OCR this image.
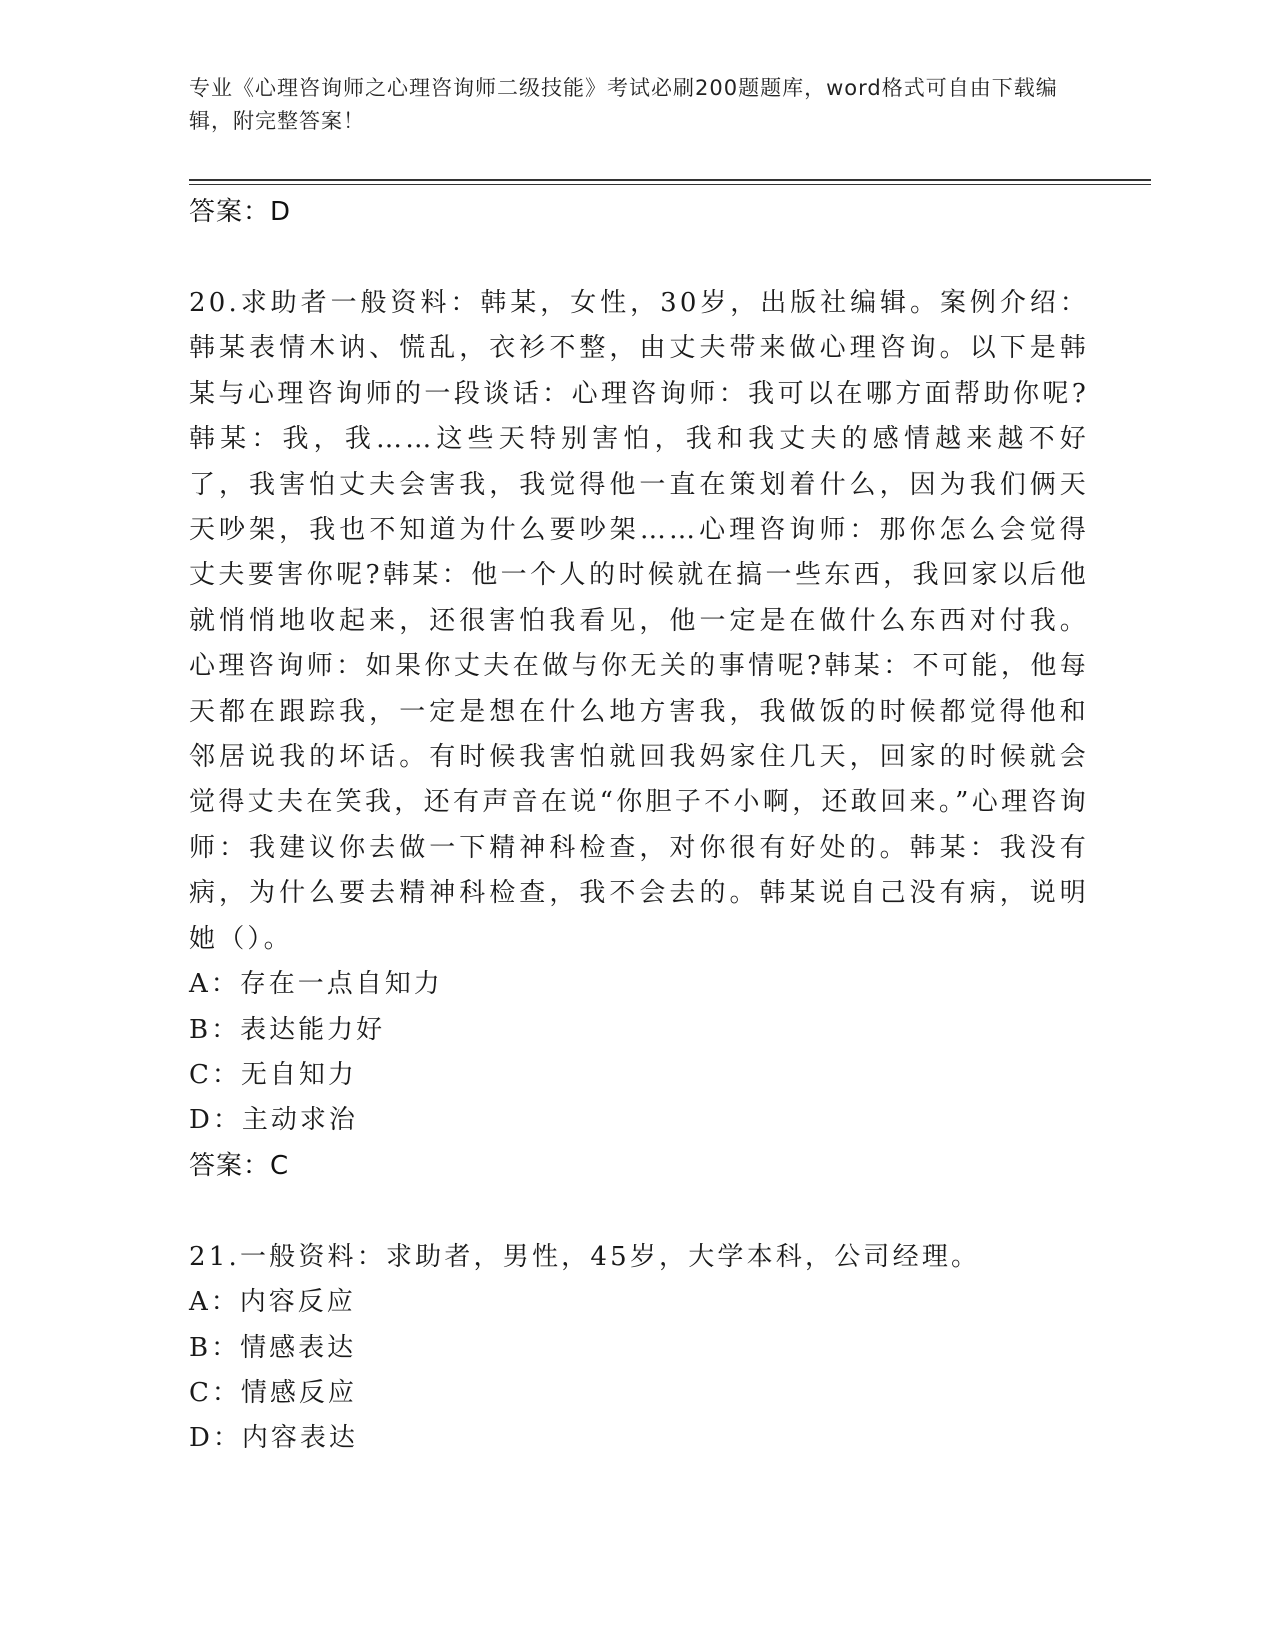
专业《心理咨询师之心理咨询师二级技能》考试必刷200题题库，word格式可自由下载编辑，附完整答案！

答案：D

20.求助者一般资料：韩某，女性，30岁，出版社编辑。案例介绍：韩某表情木讷、慌乱，衣衫不整，由丈夫带来做心理咨询。以下是韩某与心理咨询师的一段谈话：心理咨询师：我可以在哪方面帮助你呢?韩某：我，我……这些天特别害怕，我和我丈夫的感情越来越不好了，我害怕丈夫会害我，我觉得他一直在策划着什么，因为我们俩天天吵架，我也不知道为什么要吵架……心理咨询师：那你怎么会觉得丈夫要害你呢?韩某：他一个人的时候就在搞一些东西，我回家以后他就悄悄地收起来，还很害怕我看见，他一定是在做什么东西对付我。心理咨询师：如果你丈夫在做与你无关的事情呢?韩某：不可能，他每天都在跟踪我，一定是想在什么地方害我，我做饭的时候都觉得他和邻居说我的坏话。有时候我害怕就回我妈家住几天，回家的时候就会觉得丈夫在笑我，还有声音在说“你胆子不小啊，还敢回来。”心理咨询师：我建议你去做一下精神科检查，对你很有好处的。韩某：我没有病，为什么要去精神科检查，我不会去的。韩某说自己没有病，说明她（）。

A：存在一点自知力

B：表达能力好

C：无自知力

D：主动求治

答案：C

21.一般资料：求助者，男性，45岁，大学本科，公司经理。

A：内容反应

B：情感表达

C：情感反应

D：内容表达
